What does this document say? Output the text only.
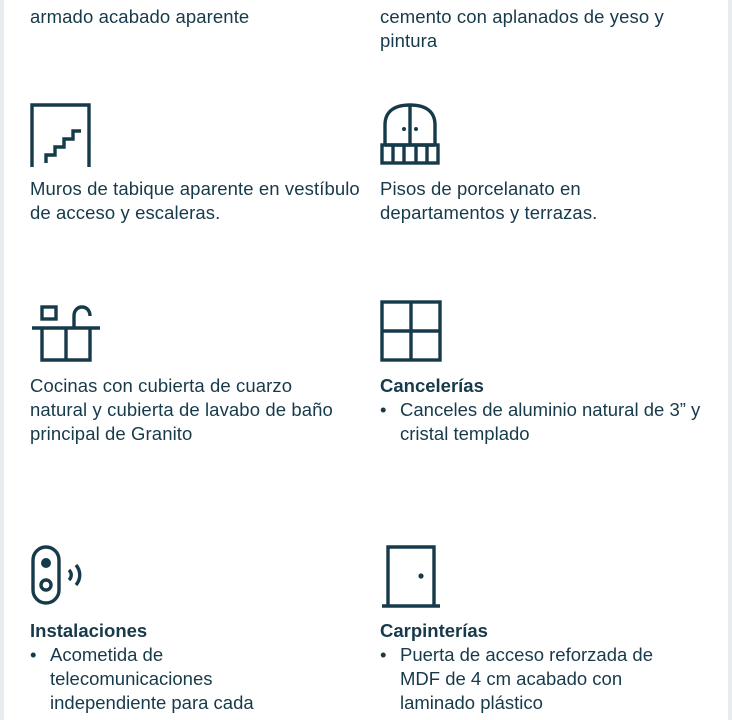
armado acabado aparente	cemento con aplanados de yeso y pintura
Muros de tabique aparente en vestíbulo de acceso y escaleras.
Pisos de porcelanato en departamentos y terrazas.
Cocinas con cubierta de cuarzo natural y cubierta de lavabo de baño principal de Granito
Cancelerías
• Canceles de aluminio natural de 3” y cristal templado
Instalaciones
• Acometida de telecomunicaciones independiente para cada
Carpinterías
• Puerta de acceso reforzada de MDF de 4 cm acabado con laminado plástico
